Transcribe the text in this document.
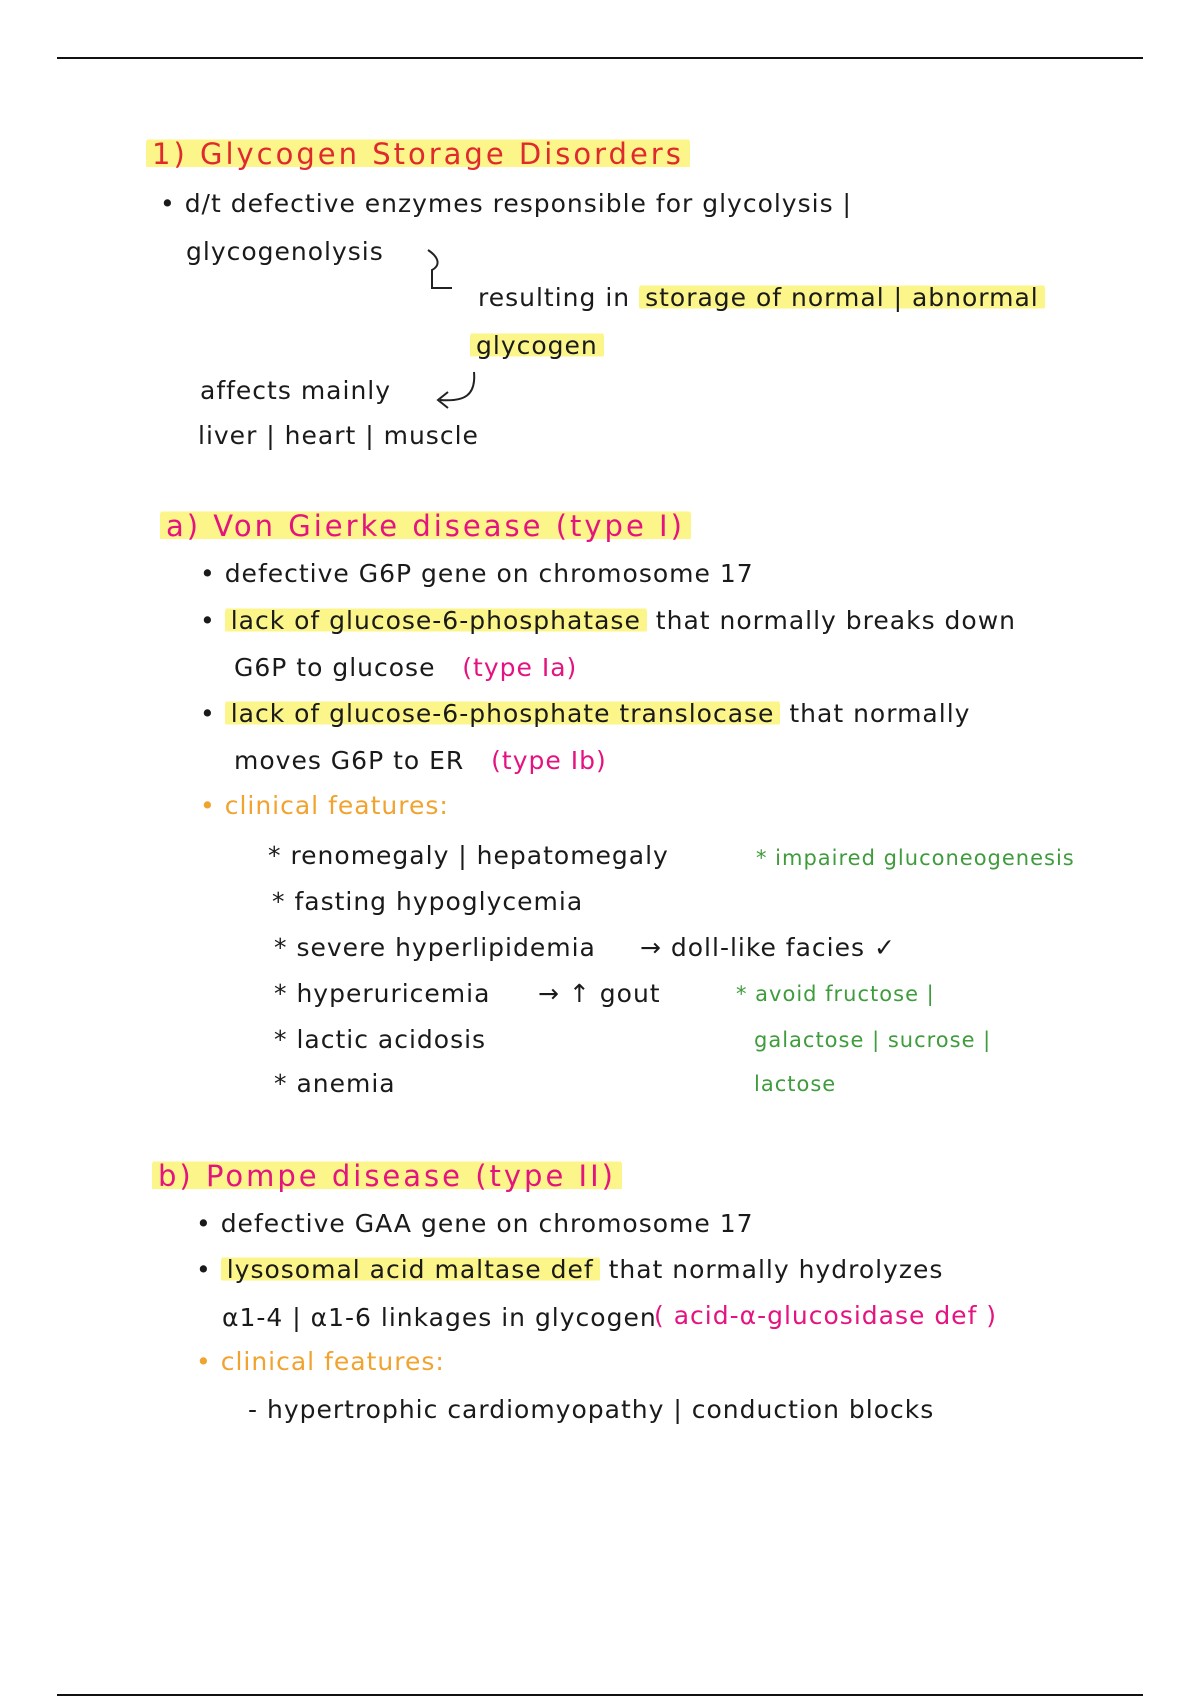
1) Glycogen Storage Disorders
• d/t defective enzymes responsible for glycolysis |
glycogenolysis
resulting in storage of normal | abnormal
glycogen
affects mainly
liver | heart | muscle
a) Von Gierke disease (type I)
• defective G6P gene on chromosome 17
• lack of glucose-6-phosphatase that normally breaks down
G6P to glucose (type Ia)
• lack of glucose-6-phosphate translocase that normally
moves G6P to ER (type Ib)
• clinical features:
* renomegaly | hepatomegaly
* fasting hypoglycemia
* severe hyperlipidemia → doll-like facies ✓
* hyperuricemia → ↑ gout
* lactic acidosis
* anemia
* impaired gluconeogenesis
* avoid fructose |
galactose | sucrose |
lactose
b) Pompe disease (type II)
• defective GAA gene on chromosome 17
• lysosomal acid maltase def that normally hydrolyzes
α1-4 | α1-6 linkages in glycogen
( acid-α-glucosidase def )
• clinical features:
- hypertrophic cardiomyopathy | conduction blocks
